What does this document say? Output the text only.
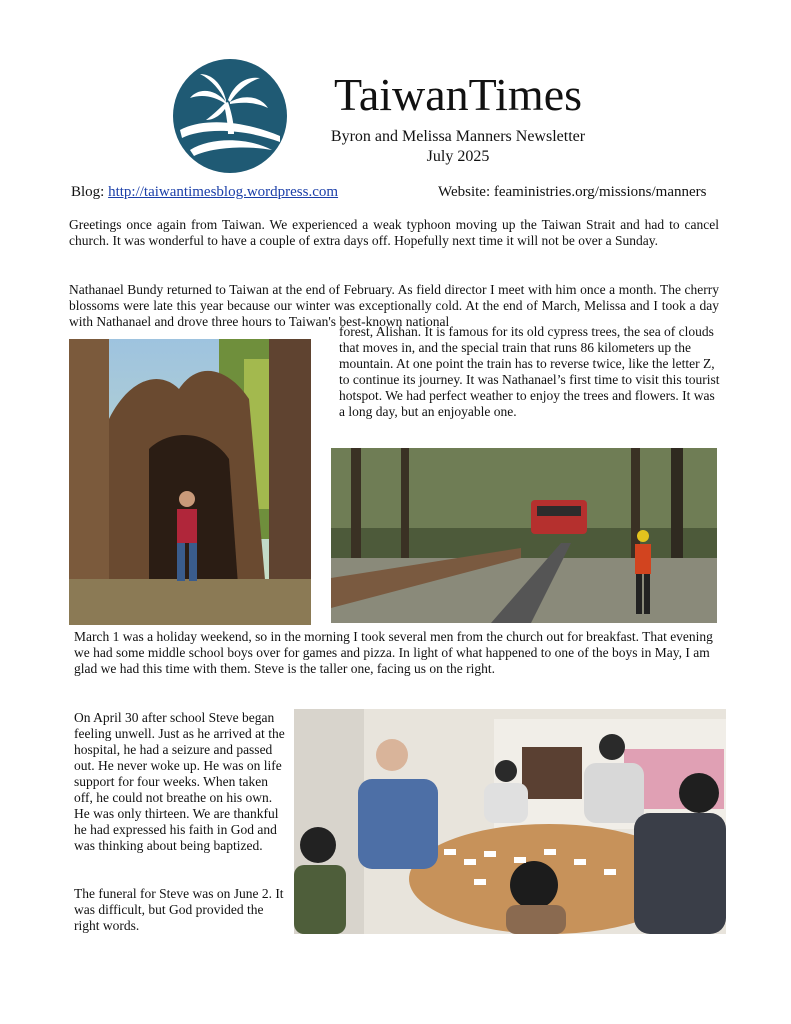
TaiwanTimes
Byron and Melissa Manners Newsletter
July 2025
Blog: http://taiwantimesblog.wordpress.com	Website: feaministries.org/missions/manners

Greetings once again from Taiwan. We experienced a weak typhoon moving up the Taiwan Strait and had to cancel church. It was wonderful to have a couple of extra days off. Hopefully next time it will not be over a Sunday.

Nathanael Bundy returned to Taiwan at the end of February. As field director I meet with him once a month. The cherry blossoms were late this year because our winter was exceptionally cold. At the end of March, Melissa and I took a day with Nathanael and drove three hours to Taiwan's best-known national

forest, Alishan. It is famous for its old cypress trees, the sea of clouds that moves in, and the special train that runs 86 kilometers up the mountain. At one point the train has to reverse twice, like the letter Z, to continue its journey. It was Nathanael’s first time to visit this tourist hotspot. We had perfect weather to enjoy the trees and flowers. It was a long day, but an enjoyable one.

March 1 was a holiday weekend, so in the morning I took several men from the church out for breakfast. That evening we had some middle school boys over for games and pizza. In light of what happened to one of the boys in May, I am glad we had this time with them. Steve is the taller one, facing us on the right.

On April 30 after school Steve began feeling unwell. Just as he arrived at the hospital, he had a seizure and passed out. He never woke up. He was on life support for four weeks. When taken off, he could not breathe on his own. He was only thirteen. We are thankful he had expressed his faith in God and was thinking about being baptized.

The funeral for Steve was on June 2. It was difficult, but God provided the right words.
